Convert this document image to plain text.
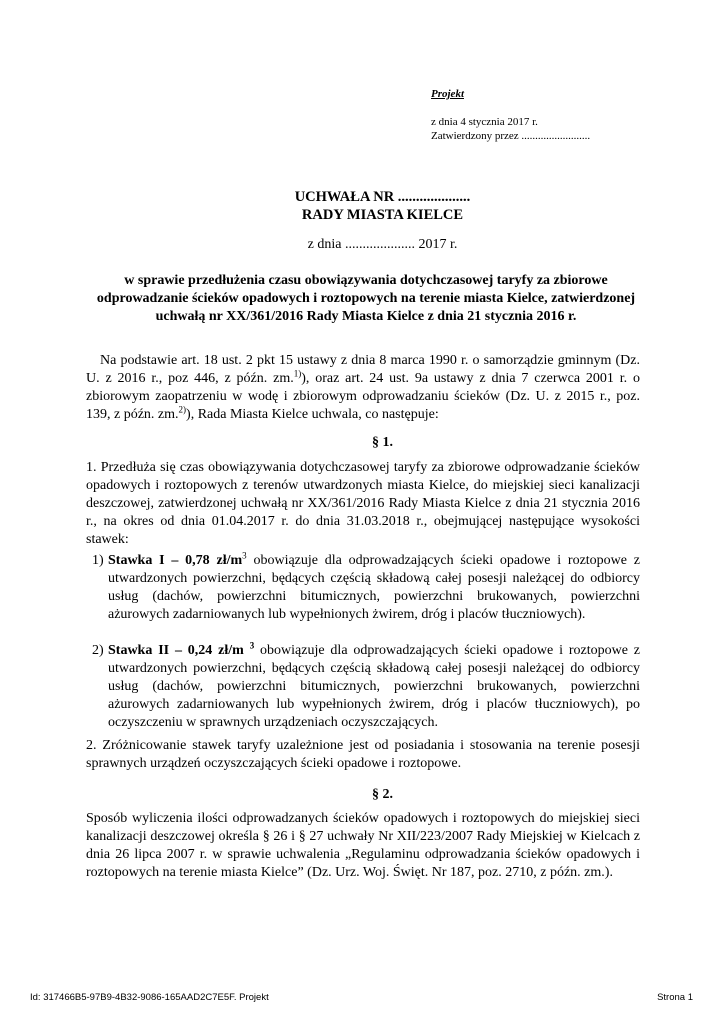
Projekt
z dnia 4 stycznia 2017 r.
Zatwierdzony przez .........................
UCHWAŁA NR ....................
RADY MIASTA KIELCE
z dnia .................... 2017 r.
w sprawie przedłużenia czasu obowiązywania dotychczasowej taryfy za zbiorowe odprowadzanie ścieków opadowych i roztopowych na terenie miasta Kielce, zatwierdzonej uchwałą nr XX/361/2016 Rady Miasta Kielce z dnia 21 stycznia 2016 r.
Na podstawie art. 18 ust. 2 pkt 15 ustawy z dnia 8 marca 1990 r. o samorządzie gminnym (Dz. U. z 2016 r., poz 446, z późn. zm.$^{1)}$), oraz art. 24 ust. 9a ustawy z dnia 7 czerwca 2001 r. o zbiorowym zaopatrzeniu w wodę i zbiorowym odprowadzaniu ścieków (Dz. U. z 2015 r., poz. 139, z późn. zm.$^{2)}$), Rada Miasta Kielce uchwala, co następuje:
§ 1.
1. Przedłuża się czas obowiązywania dotychczasowej taryfy za zbiorowe odprowadzanie ścieków opadowych i roztopowych z terenów utwardzonych miasta Kielce, do miejskiej sieci kanalizacji deszczowej, zatwierdzonej uchwałą nr XX/361/2016 Rady Miasta Kielce z dnia 21 stycznia 2016 r., na okres od dnia 01.04.2017 r. do dnia 31.03.2018 r., obejmującej następujące wysokości stawek:
1) Stawka I – 0,78 $zł/m^3$ obowiązuje dla odprowadzających ścieki opadowe i roztopowe z utwardzonych powierzchni, będących częścią składową całej posesji należącej do odbiorcy usług (dachów, powierzchni bitumicznych, powierzchni brukowanych, powierzchni ażurowych zadarniowanych lub wypełnionych żwirem, dróg i placów tłuczniowych).
2) Stawka II – 0,24 zł/m $^3$ obowiązuje dla odprowadzających ścieki opadowe i roztopowe z utwardzonych powierzchni, będących częścią składową całej posesji należącej do odbiorcy usług (dachów, powierzchni bitumicznych, powierzchni brukowanych, powierzchni ażurowych zadarniowanych lub wypełnionych żwirem, dróg i placów tłuczniowych), po oczyszczeniu w sprawnych urządzeniach oczyszczających.
2. Zróżnicowanie stawek taryfy uzależnione jest od posiadania i stosowania na terenie posesji sprawnych urządzeń oczyszczających ścieki opadowe i roztopowe.
§ 2.
Sposób wyliczenia ilości odprowadzanych ścieków opadowych i roztopowych do miejskiej sieci kanalizacji deszczowej określa § 26 i § 27 uchwały Nr XII/223/2007 Rady Miejskiej w Kielcach z dnia 26 lipca 2007 r. w sprawie uchwalenia „Regulaminu odprowadzania ścieków opadowych i roztopowych na terenie miasta Kielce” (Dz. Urz. Woj. Święt. Nr 187, poz. 2710, z późn. zm.).
Id: 317466B5-97B9-4B32-9086-165AAD2C7E5F. Projekt	Strona 1
